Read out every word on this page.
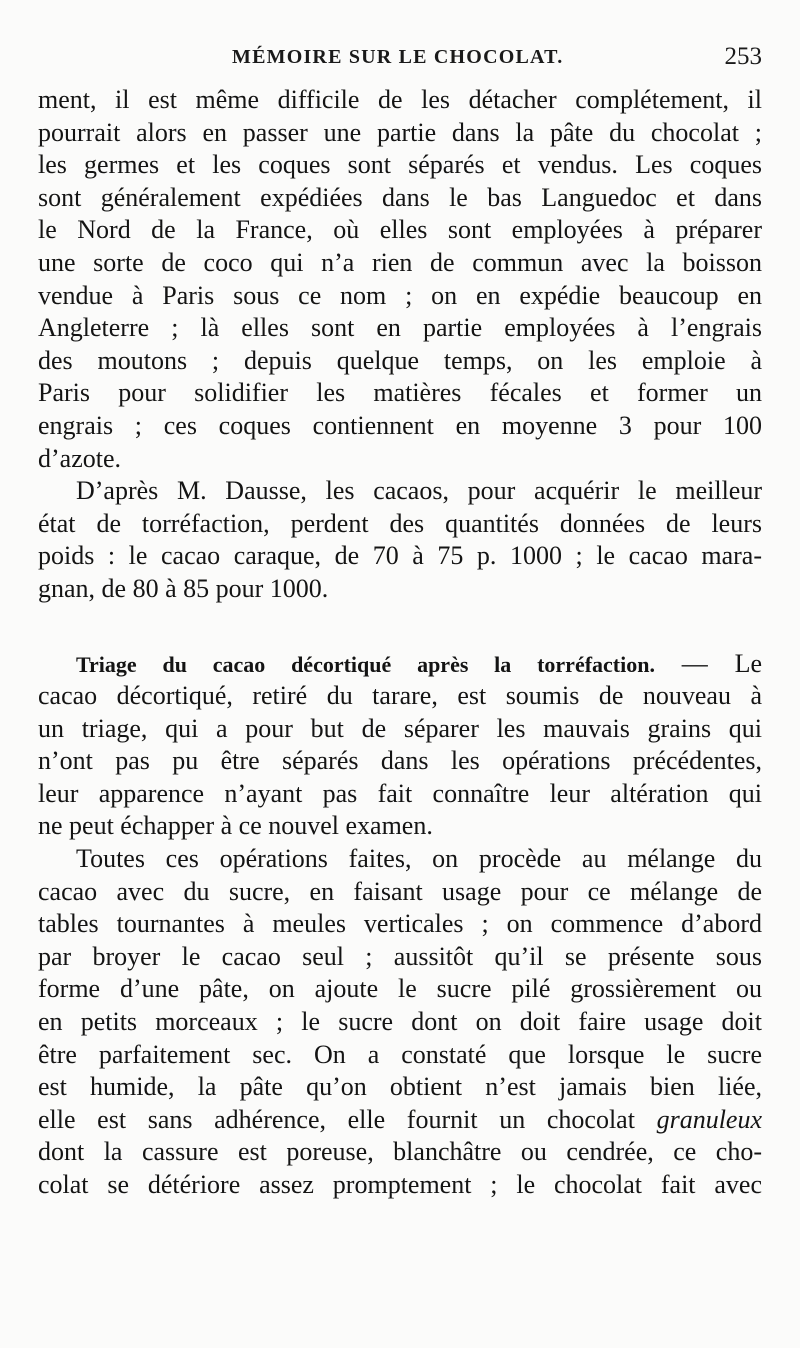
MÉMOIRE SUR LE CHOCOLAT.	253
ment, il est même difficile de les détacher complétement, il
pourrait alors en passer une partie dans la pâte du chocolat ;
les germes et les coques sont séparés et vendus. Les coques
sont généralement expédiées dans le bas Languedoc et dans
le Nord de la France, où elles sont employées à préparer
une sorte de coco qui n’a rien de commun avec la boisson
vendue à Paris sous ce nom ; on en expédie beaucoup en
Angleterre ; là elles sont en partie employées à l’engrais
des moutons ; depuis quelque temps, on les emploie à
Paris pour solidifier les matières fécales et former un
engrais ; ces coques contiennent en moyenne 3 pour 100
d’azote.
D’après M. Dausse, les cacaos, pour acquérir le meilleur
état de torréfaction, perdent des quantités données de leurs
poids : le cacao caraque, de 70 à 75 p. 1000 ; le cacao mara-
gnan, de 80 à 85 pour 1000.
Triage du cacao décortiqué après la torréfaction. — Le
cacao décortiqué, retiré du tarare, est soumis de nouveau à
un triage, qui a pour but de séparer les mauvais grains qui
n’ont pas pu être séparés dans les opérations précédentes,
leur apparence n’ayant pas fait connaître leur altération qui
ne peut échapper à ce nouvel examen.
Toutes ces opérations faites, on procède au mélange du
cacao avec du sucre, en faisant usage pour ce mélange de
tables tournantes à meules verticales ; on commence d’abord
par broyer le cacao seul ; aussitôt qu’il se présente sous
forme d’une pâte, on ajoute le sucre pilé grossièrement ou
en petits morceaux ; le sucre dont on doit faire usage doit
être parfaitement sec. On a constaté que lorsque le sucre
est humide, la pâte qu’on obtient n’est jamais bien liée,
elle est sans adhérence, elle fournit un chocolat granuleux
dont la cassure est poreuse, blanchâtre ou cendrée, ce cho-
colat se détériore assez promptement ; le chocolat fait avec
